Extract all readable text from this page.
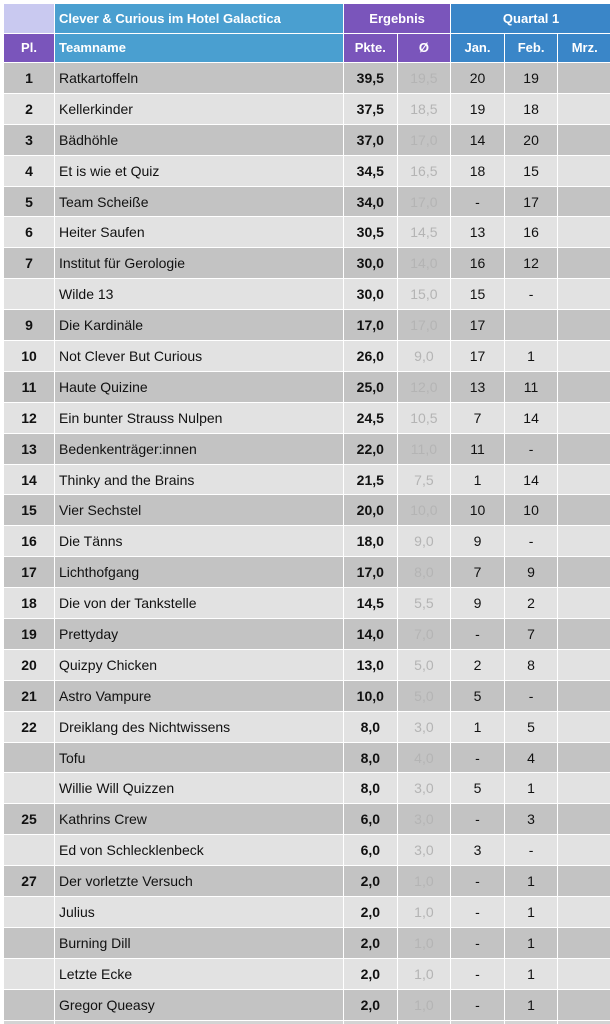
	Clever & Curious im Hotel Galactica	Ergebnis		Quartal 1		
Pl.	Teamname	Pkte.	Ø	Jan.	Feb.	Mrz.
1	Ratkartoffeln	39,5	19,5	20	19	
2	Kellerkinder	37,5	18,5	19	18	
3	Bädhöhle	37,0	17,0	14	20	
4	Et is wie et Quiz	34,5	16,5	18	15	
5	Team Scheiße	34,0	17,0	-	17	
6	Heiter Saufen	30,5	14,5	13	16	
7	Institut für Gerologie	30,0	14,0	16	12	
	Wilde 13	30,0	15,0	15	-	
9	Die Kardinäle	17,0	17,0	17		
10	Not Clever But Curious	26,0	9,0	17	1	
11	Haute Quizine	25,0	12,0	13	11	
12	Ein bunter Strauss Nulpen	24,5	10,5	7	14	
13	Bedenkenträger:innen	22,0	11,0	11	-	
14	Thinky and the Brains	21,5	7,5	1	14	
15	Vier Sechstel	20,0	10,0	10	10	
16	Die Tänns	18,0	9,0	9	-	
17	Lichthofgang	17,0	8,0	7	9	
18	Die von der Tankstelle	14,5	5,5	9	2	
19	Prettyday	14,0	7,0	-	7	
20	Quizpy Chicken	13,0	5,0	2	8	
21	Astro Vampure	10,0	5,0	5	-	
22	Dreiklang des Nichtwissens	8,0	3,0	1	5	
	Tofu	8,0	4,0	-	4	
	Willie Will Quizzen	8,0	3,0	5	1	
25	Kathrins Crew	6,0	3,0	-	3	
	Ed von Schlecklenbeck	6,0	3,0	3	-	
27	Der vorletzte Versuch	2,0	1,0	-	1	
	Julius	2,0	1,0	-	1	
	Burning Dill	2,0	1,0	-	1	
	Letzte Ecke	2,0	1,0	-	1	
	Gregor Queasy	2,0	1,0	-	1	
